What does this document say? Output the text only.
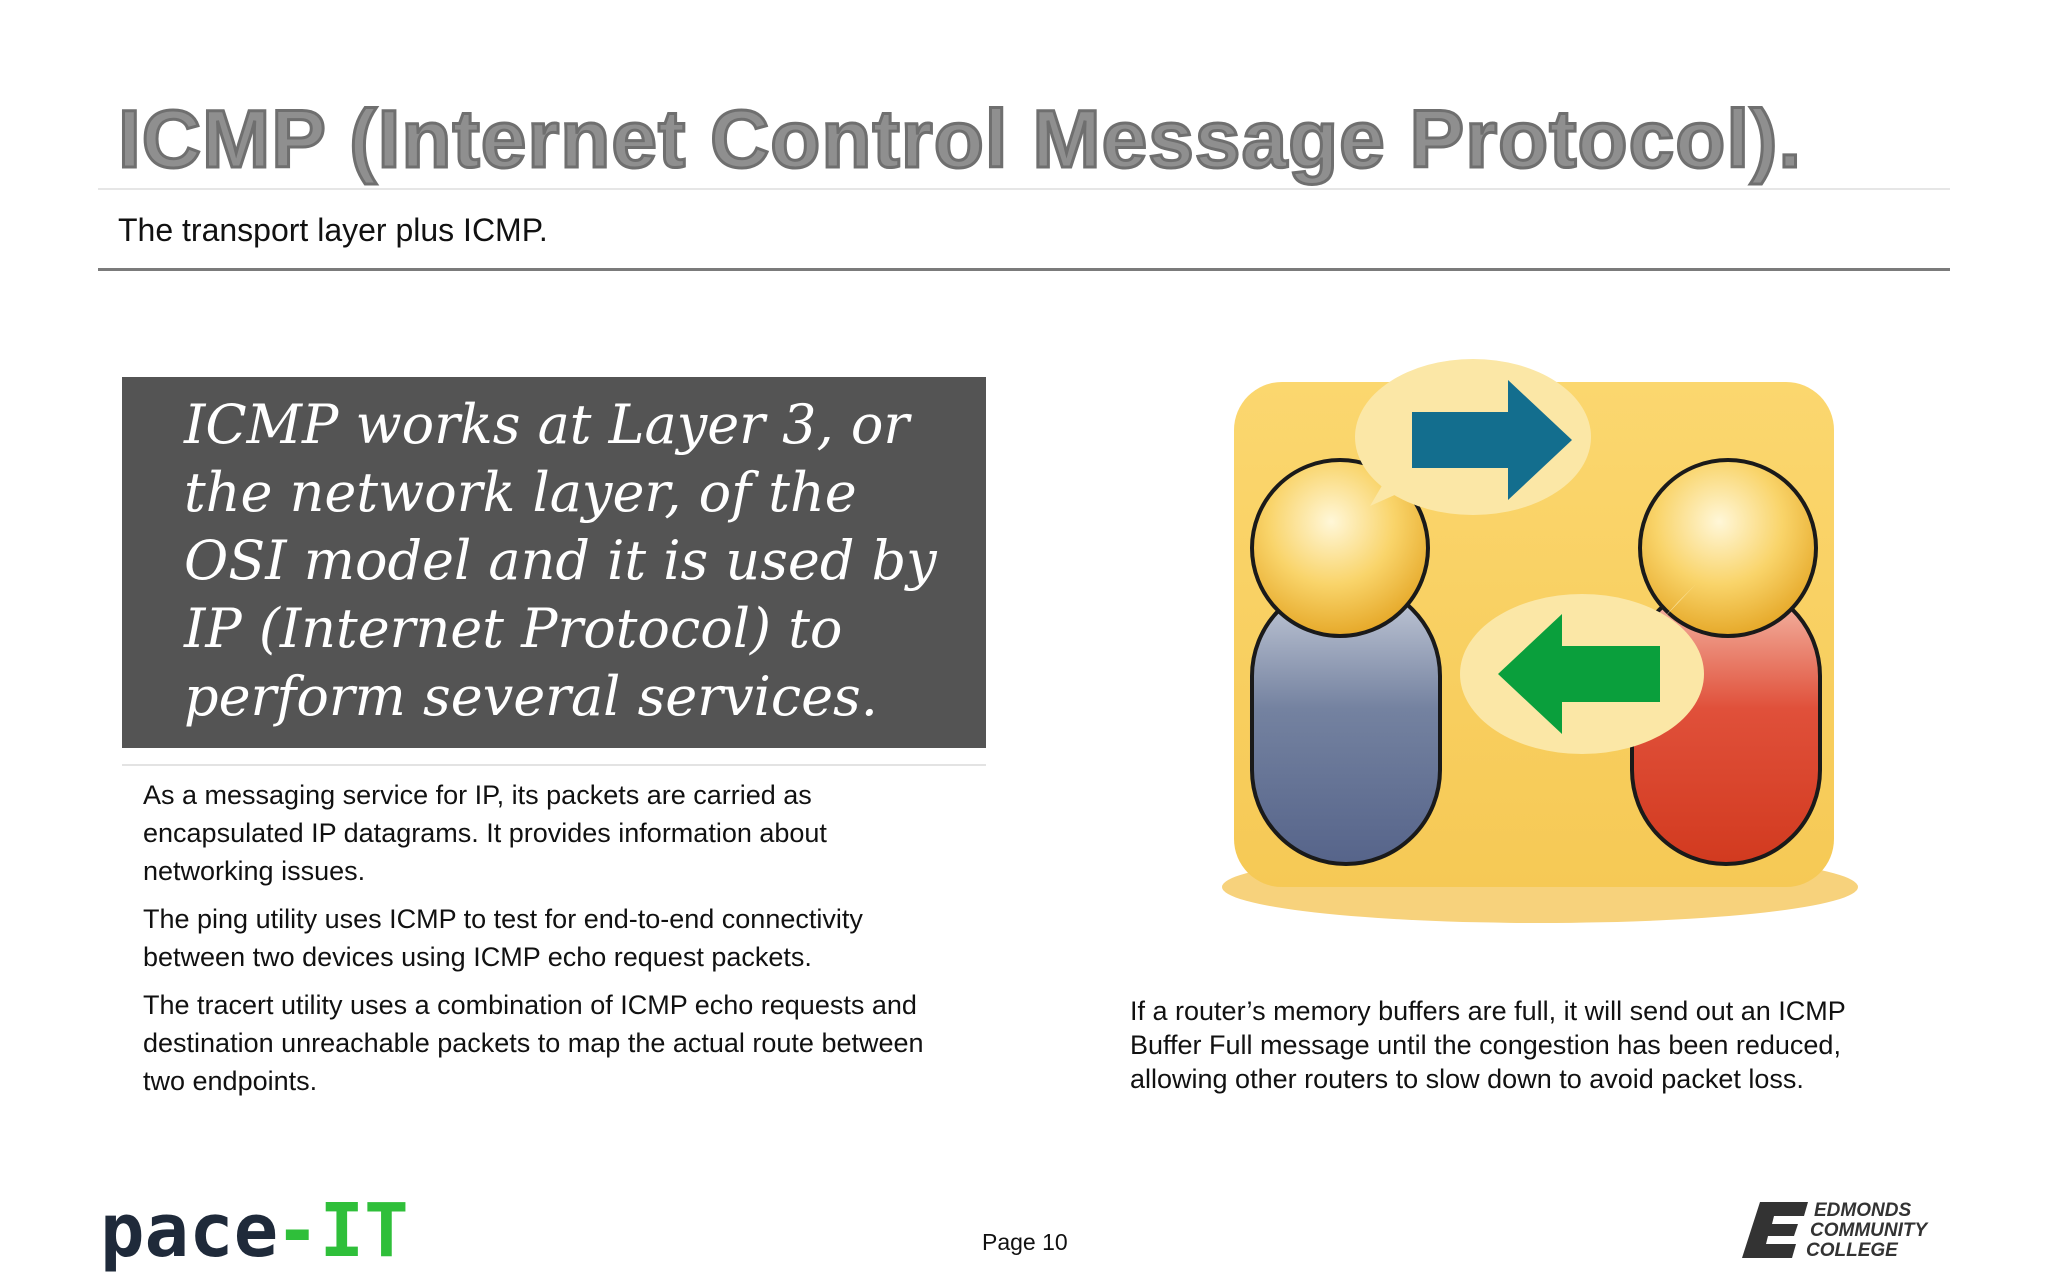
ICMP (Internet Control Message Protocol).
The transport layer plus ICMP.

ICMP works at Layer 3, or the network layer, of the OSI model and it is used by IP (Internet Protocol) to perform several services.

As a messaging service for IP, its packets are carried as encapsulated IP datagrams. It provides information about networking issues.

The ping utility uses ICMP to test for end-to-end connectivity between two devices using ICMP echo request packets.

The tracert utility uses a combination of ICMP echo requests and destination unreachable packets to map the actual route between two endpoints.

If a router’s memory buffers are full, it will send out an ICMP Buffer Full message until the congestion has been reduced, allowing other routers to slow down to avoid packet loss.
pace
-IT	Page 10
EDMONDS
COMMUNITY
COLLEGE
